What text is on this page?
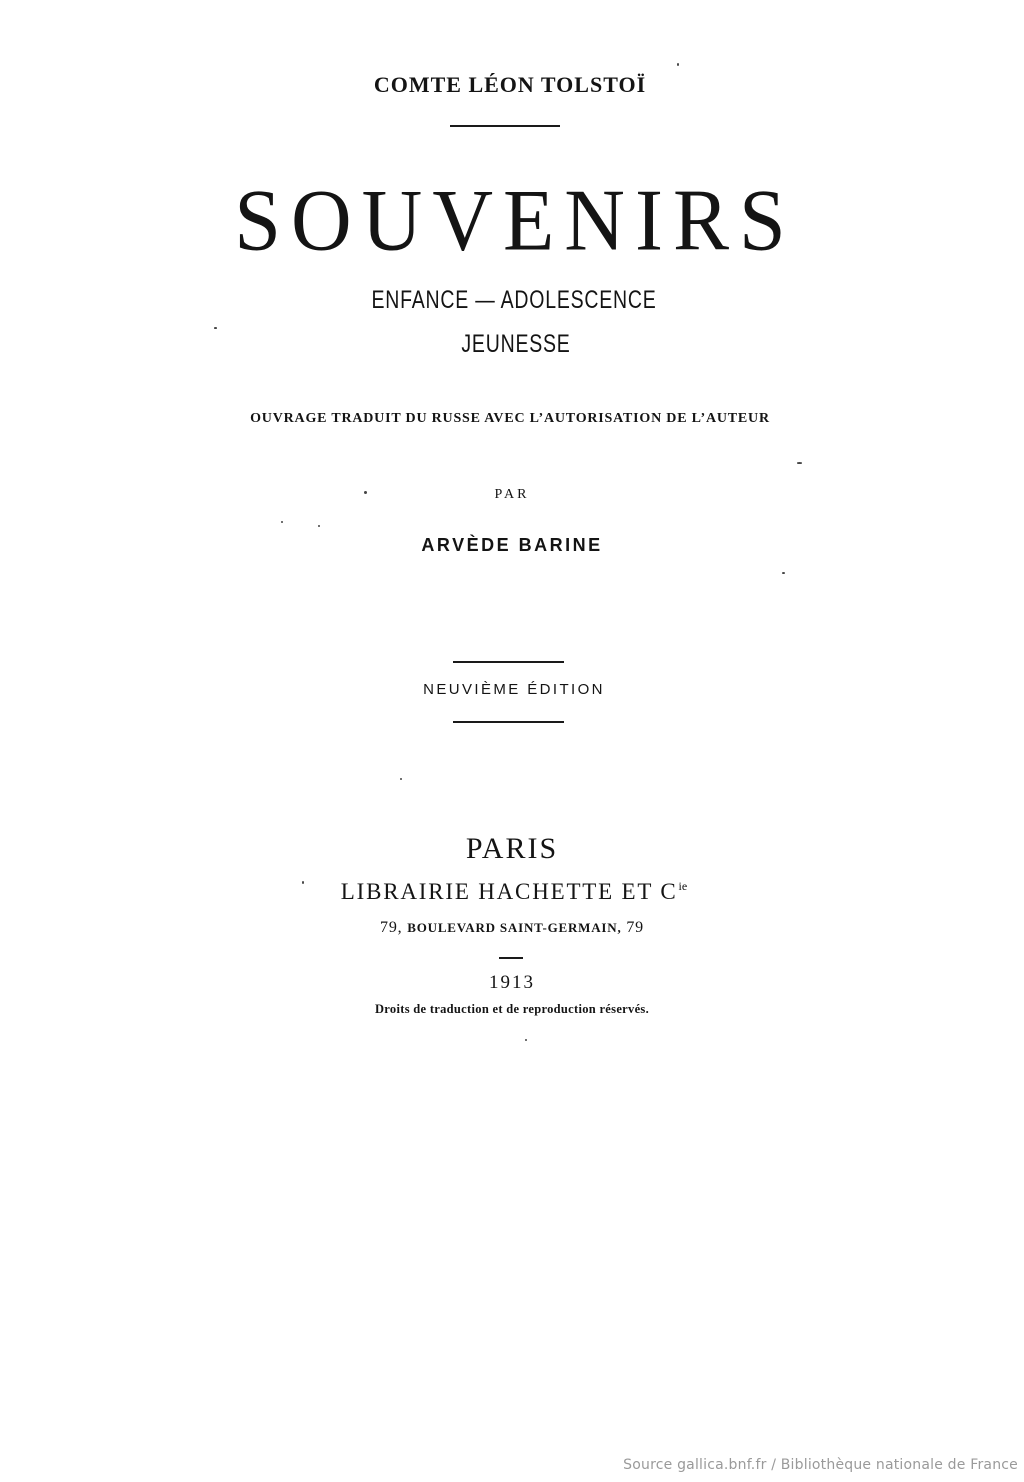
COMTE LÉON TOLSTOÏ
SOUVENIRS
ENFANCE — ADOLESCENCE
JEUNESSE
OUVRAGE TRADUIT DU RUSSE AVEC L’AUTORISATION DE L’AUTEUR
PAR
ARVÈDE BARINE
NEUVIÈME ÉDITION
PARIS
LIBRAIRIE HACHETTE ET $C^{ie}$
79, BOULEVARD SAINT-GERMAIN, 79
1913
Droits de traduction et de reproduction réservés.
Source gallica.bnf.fr / Bibliothèque nationale de France
